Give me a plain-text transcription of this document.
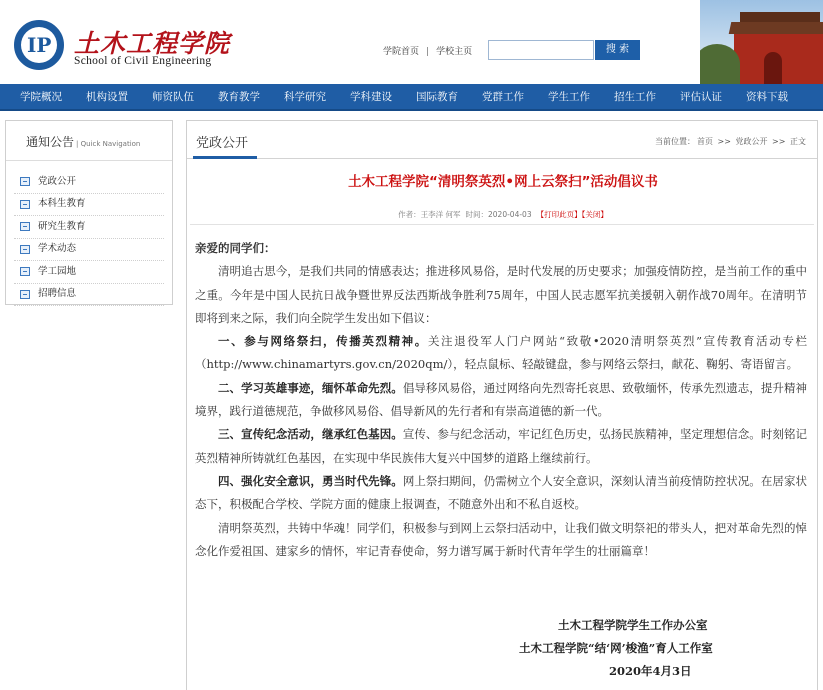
IP 土木工程学院
School of Civil Engineering
学院首页 | 学校主页	搜 索
学院概况	机构设置	师资队伍	教育教学	科学研究	学科建设	国际教育	党群工作	学生工作	招生工作	评估认证	资料下载
通知公告 | Quick Navigation
党政公开
本科生教育
研究生教育
学术动态
学工园地
招聘信息
党政公开	当前位置： 首页 >> 党政公开 >> 正文
土木工程学院“清明祭英烈•网上云祭扫”活动倡议书
作者：王李洋 何军 时间：2020-04-03 【打印此页】【关闭】

亲爱的同学们：

清明追古思今，是我们共同的情感表达；推进移风易俗，是时代发展的历史要求；加强疫情防控，是当前工作的重中之重。今年是中国人民抗日战争暨世界反法西斯战争胜利75周年，中国人民志愿军抗美援朝入朝作战70周年。在清明节即将到来之际，我们向全院学生发出如下倡议：

一、参与网络祭扫，传播英烈精神。关注退役军人门户网站“致敬•2020清明祭英烈”宣传教育活动专栏（http://www.chinamartyrs.gov.cn/2020qm/），轻点鼠标、轻敲键盘，参与网络云祭扫，献花、鞠躬、寄语留言。

二、学习英雄事迹，缅怀革命先烈。倡导移风易俗，通过网络向先烈寄托哀思、致敬缅怀，传承先烈遗志，提升精神境界，践行道德规范，争做移风易俗、倡导新风的先行者和有崇高道德的新一代。

三、宣传纪念活动，继承红色基因。宣传、参与纪念活动，牢记红色历史，弘扬民族精神，坚定理想信念。时刻铭记英烈精神所铸就红色基因，在实现中华民族伟大复兴中国梦的道路上继续前行。

四、强化安全意识，勇当时代先锋。网上祭扫期间，仍需树立个人安全意识，深刻认清当前疫情防控状况。在居家状态下，积极配合学校、学院方面的健康上报调查，不随意外出和不私自返校。

清明祭英烈，共铸中华魂！同学们，积极参与到网上云祭扫活动中，让我们做文明祭祀的带头人，把对革命先烈的悼念化作爱祖国、建家乡的情怀，牢记青春使命，努力谱写属于新时代青年学生的壮丽篇章！

土木工程学院学生工作办公室
土木工程学院“结‘网’梭渔”育人工作室
2020年4月3日
